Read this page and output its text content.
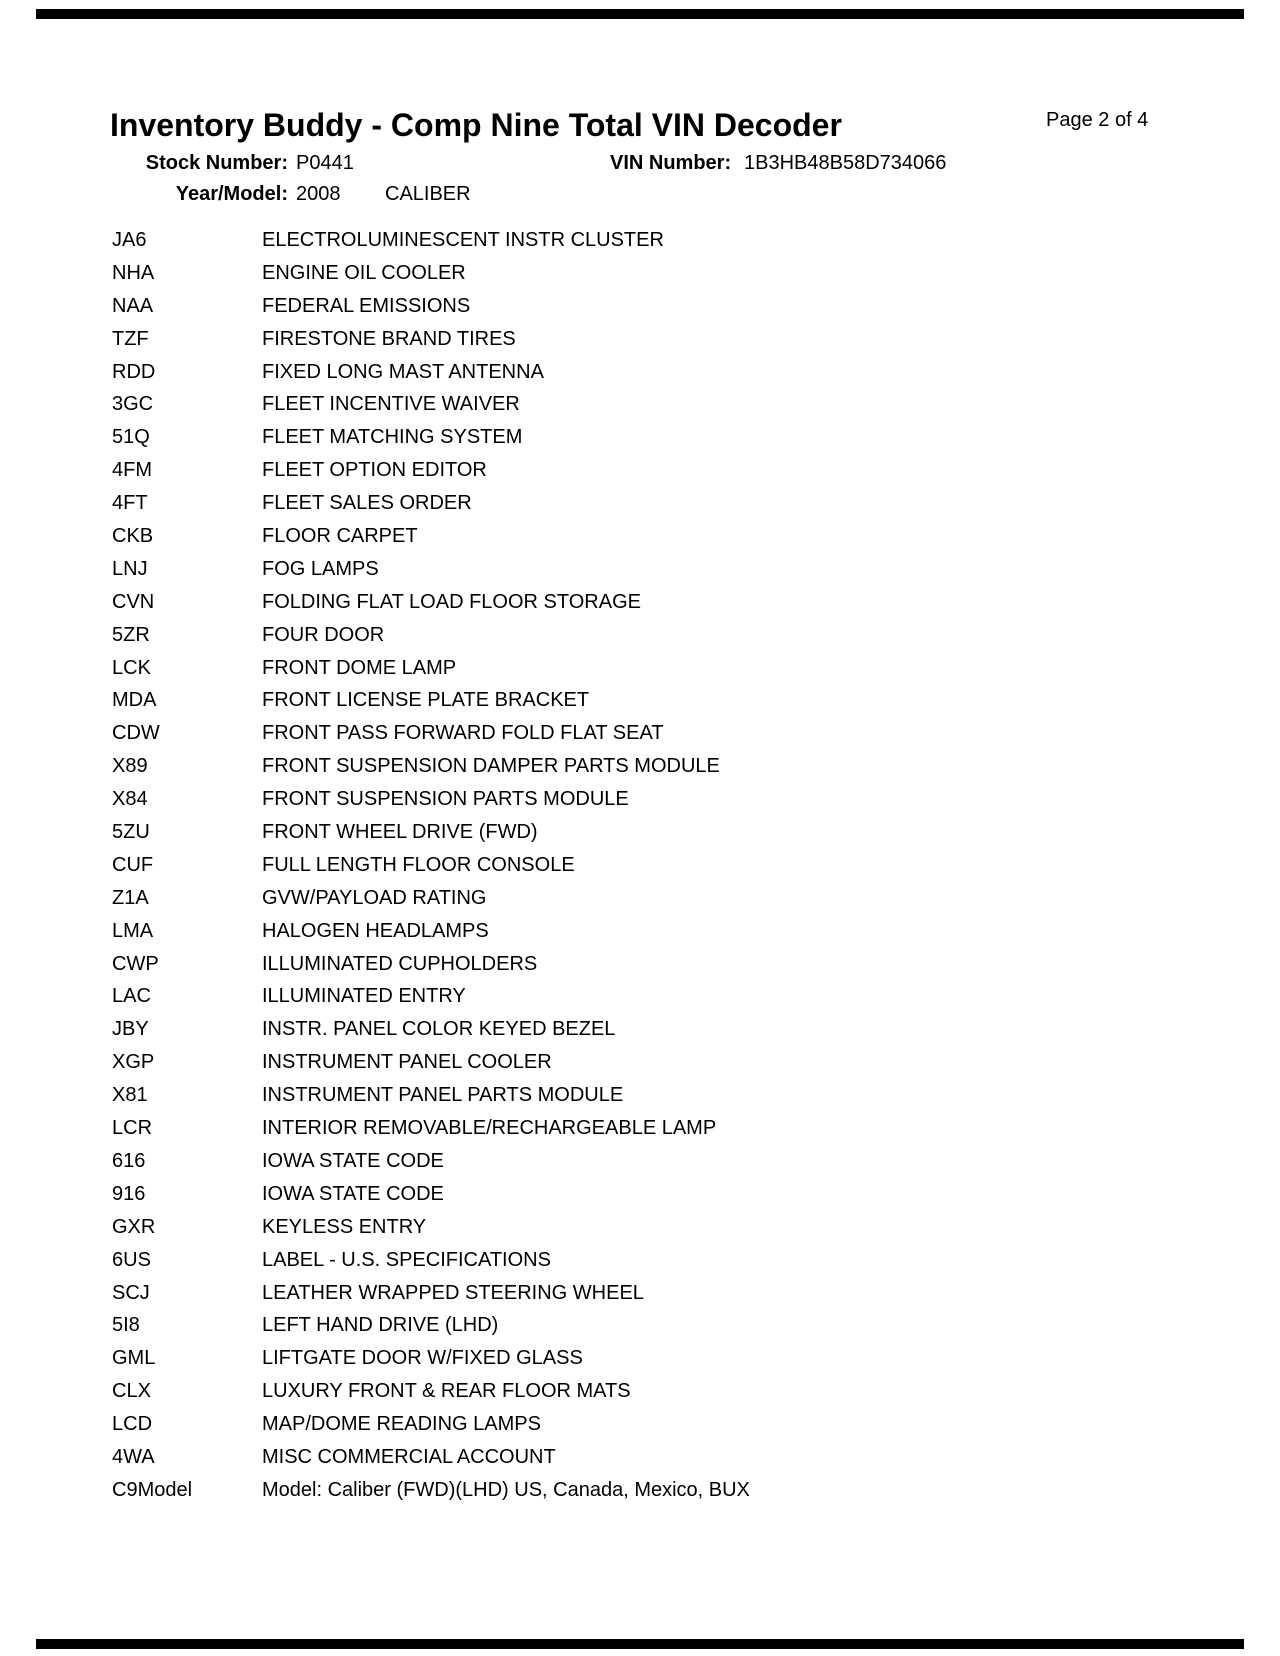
Inventory Buddy - Comp Nine Total VIN Decoder	Page 2 of 4
Stock Number: P0441	VIN Number: 1B3HB48B58D734066
Year/Model: 2008 CALIBER
JA6	ELECTROLUMINESCENT INSTR CLUSTER
NHA	ENGINE OIL COOLER
NAA	FEDERAL EMISSIONS
TZF	FIRESTONE BRAND TIRES
RDD	FIXED LONG MAST ANTENNA
3GC	FLEET INCENTIVE WAIVER
51Q	FLEET MATCHING SYSTEM
4FM	FLEET OPTION EDITOR
4FT	FLEET SALES ORDER
CKB	FLOOR CARPET
LNJ	FOG LAMPS
CVN	FOLDING FLAT LOAD FLOOR STORAGE
5ZR	FOUR DOOR
LCK	FRONT DOME LAMP
MDA	FRONT LICENSE PLATE BRACKET
CDW	FRONT PASS FORWARD FOLD FLAT SEAT
X89	FRONT SUSPENSION DAMPER PARTS MODULE
X84	FRONT SUSPENSION PARTS MODULE
5ZU	FRONT WHEEL DRIVE (FWD)
CUF	FULL LENGTH FLOOR CONSOLE
Z1A	GVW/PAYLOAD RATING
LMA	HALOGEN HEADLAMPS
CWP	ILLUMINATED CUPHOLDERS
LAC	ILLUMINATED ENTRY
JBY	INSTR. PANEL COLOR KEYED BEZEL
XGP	INSTRUMENT PANEL COOLER
X81	INSTRUMENT PANEL PARTS MODULE
LCR	INTERIOR REMOVABLE/RECHARGEABLE LAMP
616	IOWA STATE CODE
916	IOWA STATE CODE
GXR	KEYLESS ENTRY
6US	LABEL - U.S. SPECIFICATIONS
SCJ	LEATHER WRAPPED STEERING WHEEL
5I8	LEFT HAND DRIVE (LHD)
GML	LIFTGATE DOOR W/FIXED GLASS
CLX	LUXURY FRONT & REAR FLOOR MATS
LCD	MAP/DOME READING LAMPS
4WA	MISC COMMERCIAL ACCOUNT
C9Model	Model: Caliber (FWD)(LHD) US, Canada, Mexico, BUX
